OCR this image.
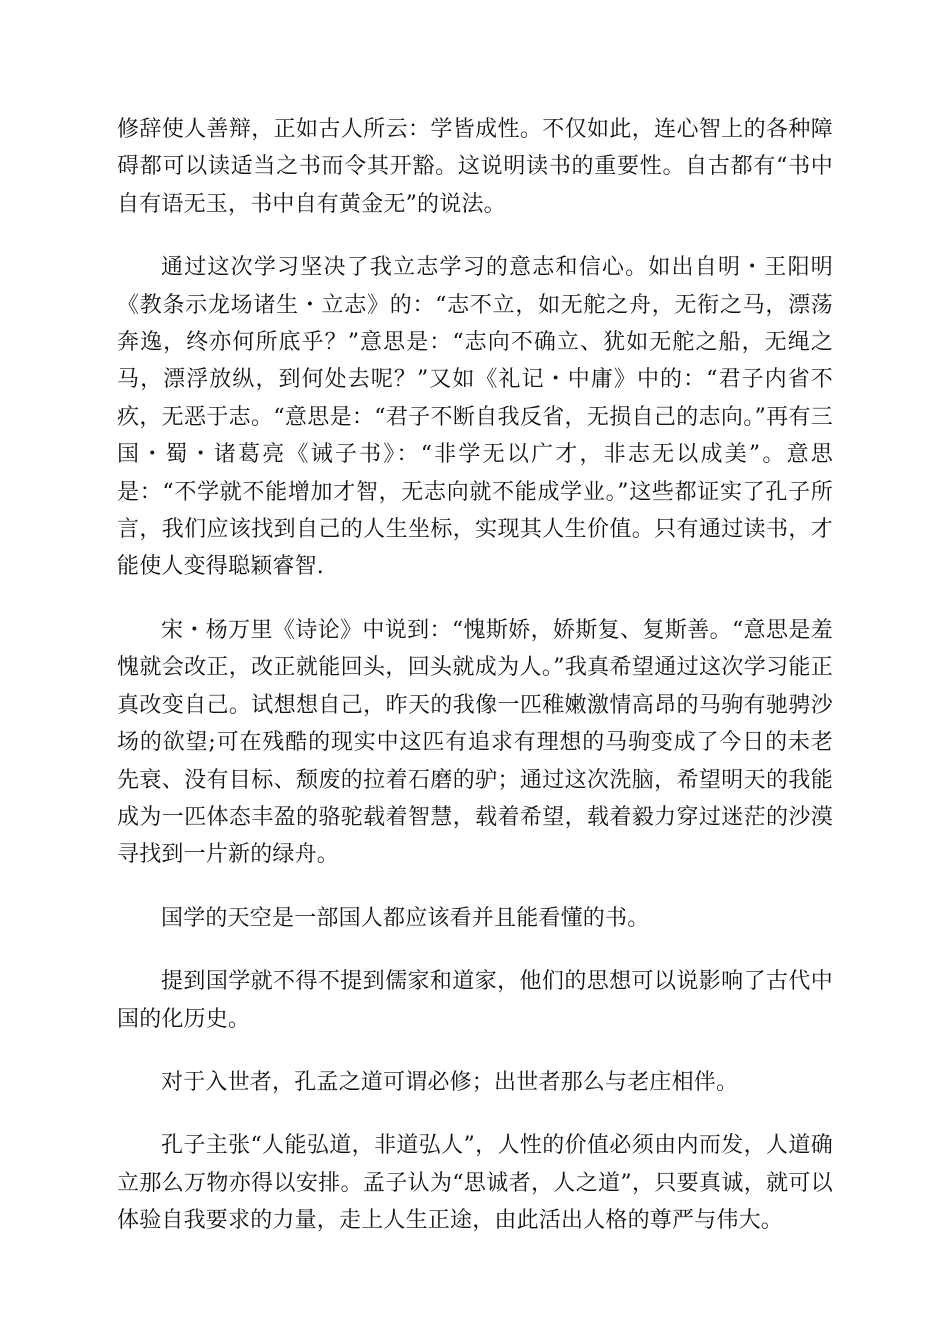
修辞使人善辩，正如古人所云：学皆成性。不仅如此，连心智上的各种障碍都可以读适当之书而令其开豁。这说明读书的重要性。自古都有“书中自有语无玉，书中自有黄金无”的说法。

通过这次学习坚决了我立志学习的意志和信心。如出自明・王阳明《教条示龙场诸生・立志》的：“志不立，如无舵之舟，无衔之马，漂荡奔逸，终亦何所底乎？”意思是：“志向不确立、犹如无舵之船，无绳之马，漂浮放纵，到何处去呢？”又如《礼记・中庸》中的：“君子内省不疚，无恶于志。“意思是：“君子不断自我反省，无损自己的志向。”再有三国・蜀・诸葛亮《诫子书》：“非学无以广才，非志无以成美”。意思是：“不学就不能增加才智，无志向就不能成学业。”这些都证实了孔子所言，我们应该找到自己的人生坐标，实现其人生价值。只有通过读书，才能使人变得聪颖睿智.

宋・杨万里《诗论》中说到：“愧斯娇，娇斯复、复斯善。“意思是羞愧就会改正，改正就能回头，回头就成为人。”我真希望通过这次学习能正真改变自己。试想想自己，昨天的我像一匹稚嫩激情高昂的马驹有驰骋沙场的欲望;可在残酷的现实中这匹有追求有理想的马驹变成了今日的未老先衰、没有目标、颓废的拉着石磨的驴；通过这次洗脑，希望明天的我能成为一匹体态丰盈的骆驼载着智慧，载着希望，载着毅力穿过迷茫的沙漠寻找到一片新的绿舟。

国学的天空是一部国人都应该看并且能看懂的书。

提到国学就不得不提到儒家和道家，他们的思想可以说影响了古代中国的化历史。

对于入世者，孔孟之道可谓必修；出世者那么与老庄相伴。

孔子主张“人能弘道，非道弘人”，人性的价值必须由内而发，人道确立那么万物亦得以安排。孟子认为“思诚者，人之道”，只要真诚，就可以体验自我要求的力量，走上人生正途，由此活出人格的尊严与伟大。
